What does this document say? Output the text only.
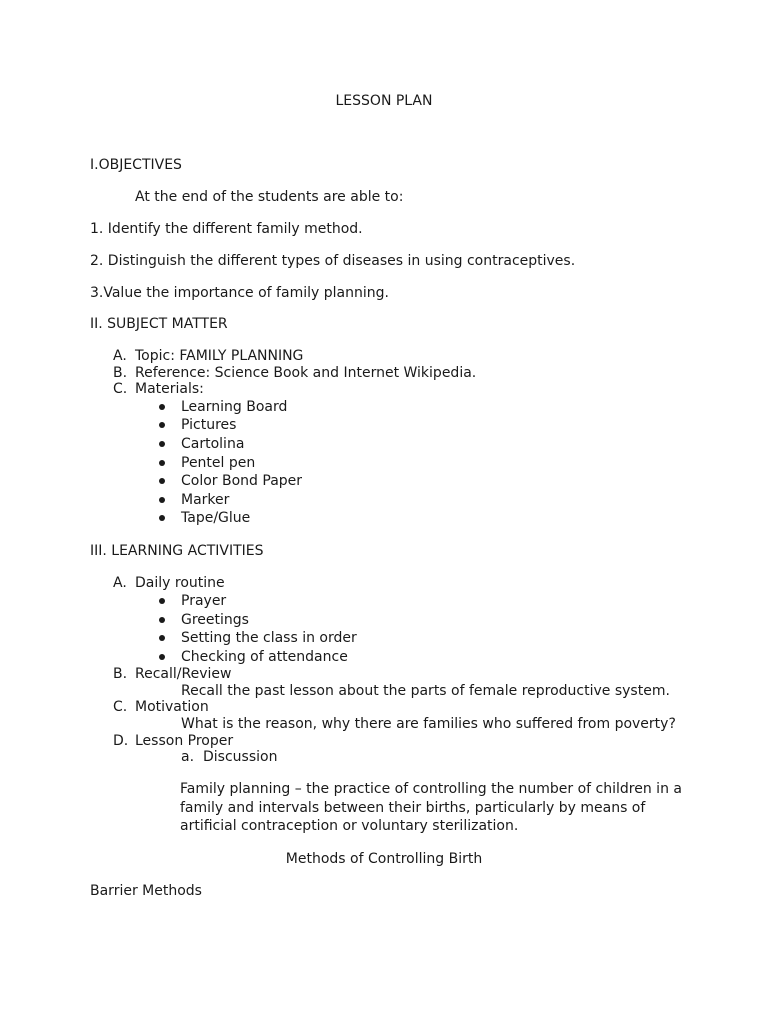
LESSON PLAN
I.OBJECTIVES
At the end of the students are able to:
1. Identify the different family method.
2. Distinguish the different types of diseases in using contraceptives.
3.Value the importance of family planning.
II. SUBJECT MATTER
A. Topic: FAMILY PLANNING
B. Reference: Science Book and Internet Wikipedia.
C. Materials:
Learning Board
Pictures
Cartolina
Pentel pen
Color Bond Paper
Marker
Tape/Glue
III. LEARNING ACTIVITIES
A. Daily routine
Prayer
Greetings
Setting the class in order
Checking of attendance
B. Recall/Review
Recall the past lesson about the parts of female reproductive system.
C. Motivation
What is the reason, why there are families who suffered from poverty?
D. Lesson Proper
a. Discussion
Family planning – the practice of controlling the number of children in a family and intervals between their births, particularly by means of artificial contraception or voluntary sterilization.
Methods of Controlling Birth
Barrier Methods
